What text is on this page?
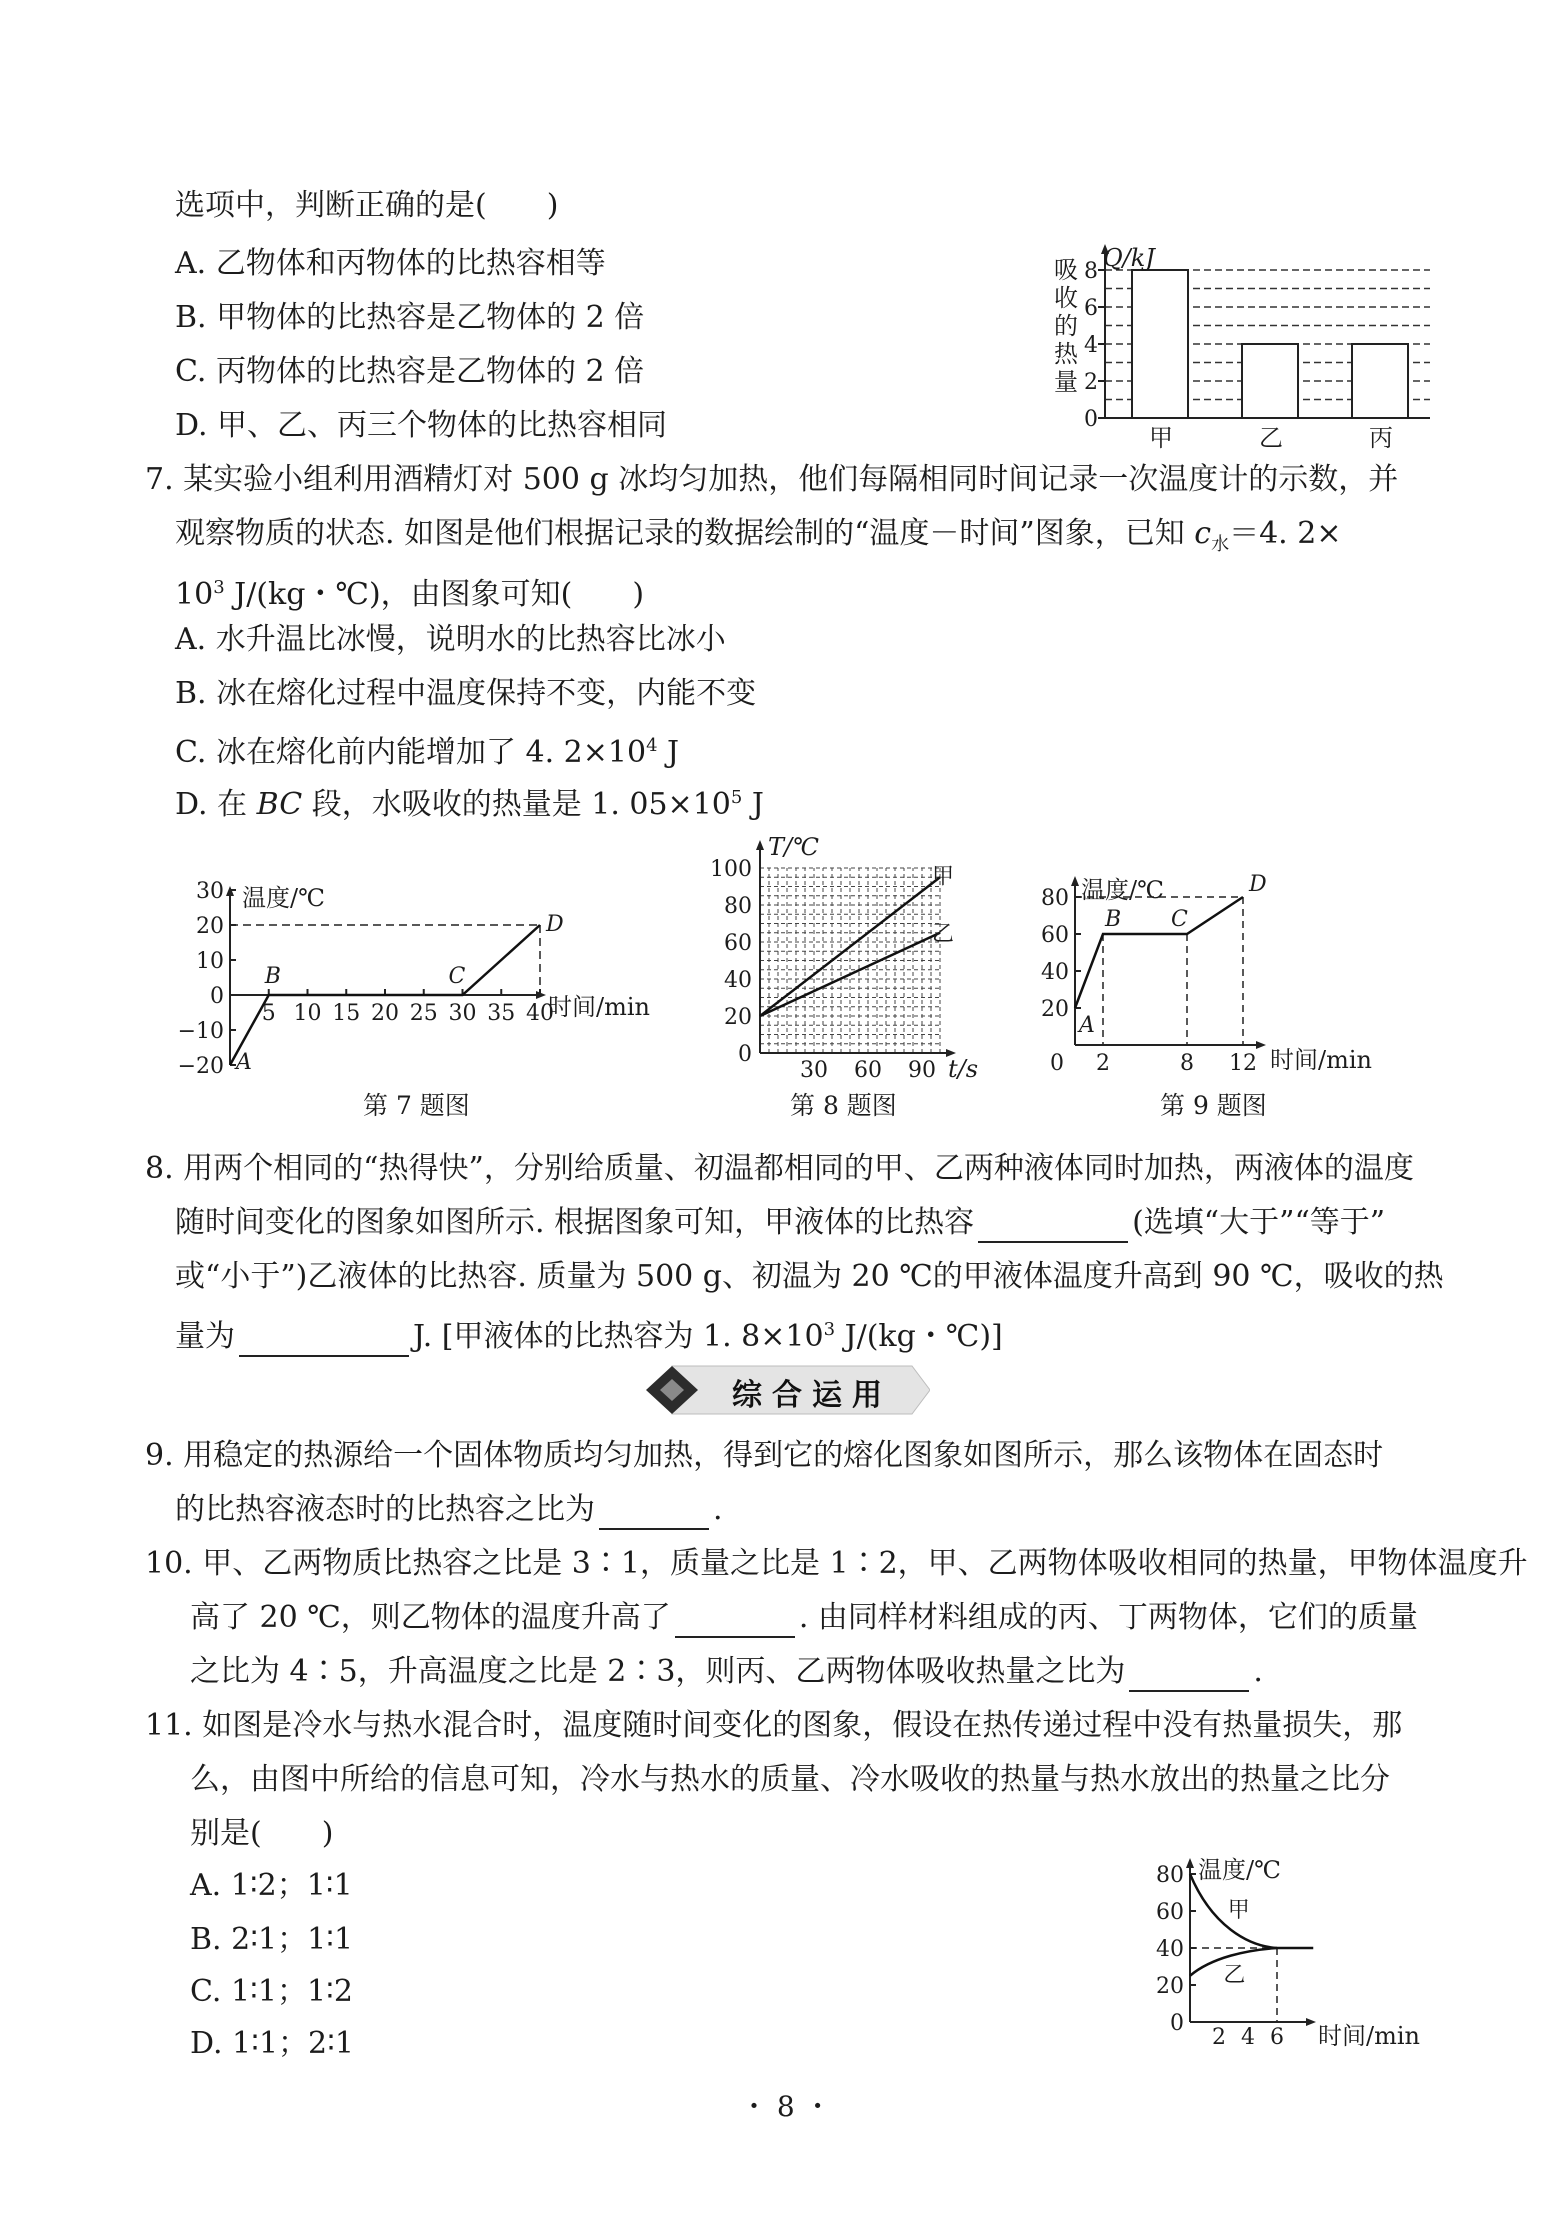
选项中，判断正确的是(　　)
A. 乙物体和丙物体的比热容相等
B. 甲物体的比热容是乙物体的 2 倍
C. 丙物体的比热容是乙物体的 2 倍
D. 甲、乙、丙三个物体的比热容相同	0
2
4
6
8
甲	乙	丙
Q/kJ
吸
收
的
热
量
7. 某实验小组利用酒精灯对 500 g 冰均匀加热，他们每隔相同时间记录一次温度计的示数，并
观察物质的状态. 如图是他们根据记录的数据绘制的“温度－时间”图象，已知 $c_水=4$. 2×
$10^3$ J/(kg・℃)，由图象可知(　　)
A. 水升温比冰慢，说明水的比热容比冰小
B. 冰在熔化过程中温度保持不变，内能不变
C. 冰在熔化前内能增加了 4. $2\times 10^4$ J
D. 在 BC 段，水吸收的热量是 1. $05\times 10^5$ J
30
20
10
0
−10
−20
5 10 15 20 25 30 35 40
温度/℃
时间/min
A
B	C
D
第 7 题图
100
80
60
40
20
0
30 60 90
T/℃
t/s
甲
乙
第 8 题图
80
60
40
20
0 2	8 12
温度/℃
时间/min
A
B C
D
第 9 题图
8. 用两个相同的“热得快”，分别给质量、初温都相同的甲、乙两种液体同时加热，两液体的温度
随时间变化的图象如图所示. 根据图象可知，甲液体的比热容	(选填“大于”“等于”
或“小于”)乙液体的比热容. 质量为 500 g、初温为 20 ℃的甲液体温度升高到 90 ℃，吸收的热
量为	J. [甲液体的比热容为 1. $8\times 10^3$ J/(kg・℃)]
综合运用
9. 用稳定的热源给一个固体物质均匀加热，得到它的熔化图象如图所示，那么该物体在固态时
的比热容液态时的比热容之比为	.
10. 甲、乙两物质比热容之比是 3∶1，质量之比是 1∶2，甲、乙两物体吸收相同的热量，甲物体温度升
高了 20 ℃，则乙物体的温度升高了	. 由同样材料组成的丙、丁两物体，它们的质量
之比为 4∶5，升高温度之比是 2∶3，则丙、乙两物体吸收热量之比为	.
11. 如图是冷水与热水混合时，温度随时间变化的图象，假设在热传递过程中没有热量损失，那
么，由图中所给的信息可知，冷水与热水的质量、冷水吸收的热量与热水放出的热量之比分
别是(　　)
A. 1∶2；1∶1
B. 2∶1；1∶1
C. 1∶1；1∶2
D. 1∶1；2∶1
80
60
40
20
0
2 4 6
温度/℃
时间/min
甲
乙
・ 8 ・
